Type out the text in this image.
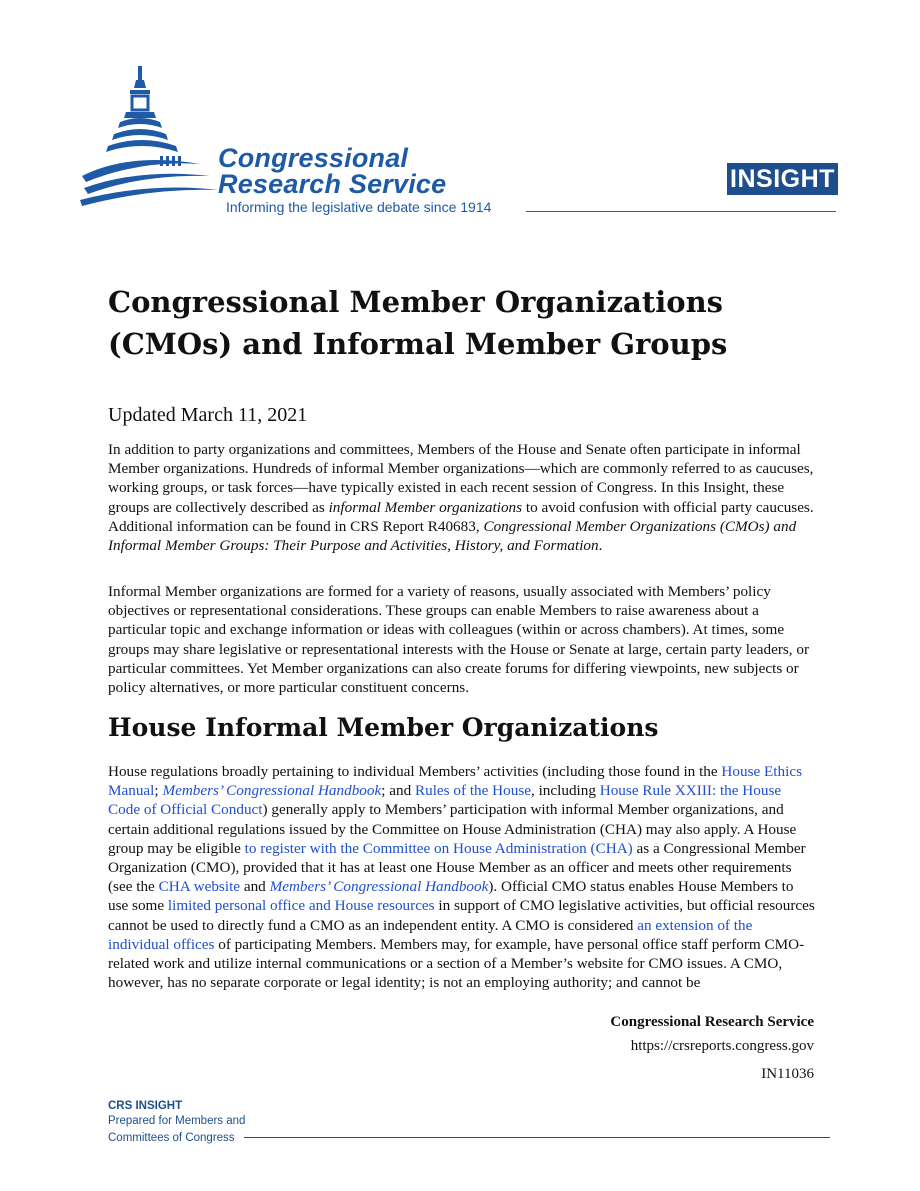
Congressional
Research Service
Informing the legislative debate since 1914
INSIGHT
Congressional Member Organizations
(CMOs) and Informal Member Groups
Updated March 11, 2021

In addition to party organizations and committees, Members of the House and Senate often participate in informal Member organizations. Hundreds of informal Member organizations—which are commonly referred to as caucuses, working groups, or task forces—have typically existed in each recent session of Congress. In this Insight, these groups are collectively described as informal Member organizations to avoid confusion with official party caucuses. Additional information can be found in CRS Report R40683, Congressional Member Organizations (CMOs) and Informal Member Groups: Their Purpose and Activities, History, and Formation.

Informal Member organizations are formed for a variety of reasons, usually associated with Members’ policy objectives or representational considerations. These groups can enable Members to raise awareness about a particular topic and exchange information or ideas with colleagues (within or across chambers). At times, some groups may share legislative or representational interests with the House or Senate at large, certain party leaders, or particular committees. Yet Member organizations can also create forums for differing viewpoints, new subjects or policy alternatives, or more particular constituent concerns.

House Informal Member Organizations

House regulations broadly pertaining to individual Members’ activities (including those found in the House Ethics Manual; Members’ Congressional Handbook; and Rules of the House, including House Rule XXIII: the House Code of Official Conduct) generally apply to Members’ participation with informal Member organizations, and certain additional regulations issued by the Committee on House Administration (CHA) may also apply. A House group may be eligible to register with the Committee on House Administration (CHA) as a Congressional Member Organization (CMO), provided that it has at least one House Member as an officer and meets other requirements (see the CHA website and Members’ Congressional Handbook). Official CMO status enables House Members to use some limited personal office and House resources in support of CMO legislative activities, but official resources cannot be used to directly fund a CMO as an independent entity. A CMO is considered an extension of the individual offices of participating Members. Members may, for example, have personal office staff perform CMO-related work and utilize internal communications or a section of a Member’s website for CMO issues. A CMO, however, has no separate corporate or legal identity; is not an employing authority; and cannot be

Congressional Research Service
https://crsreports.congress.gov
IN11036
CRS INSIGHT
Prepared for Members and
Committees of Congress
